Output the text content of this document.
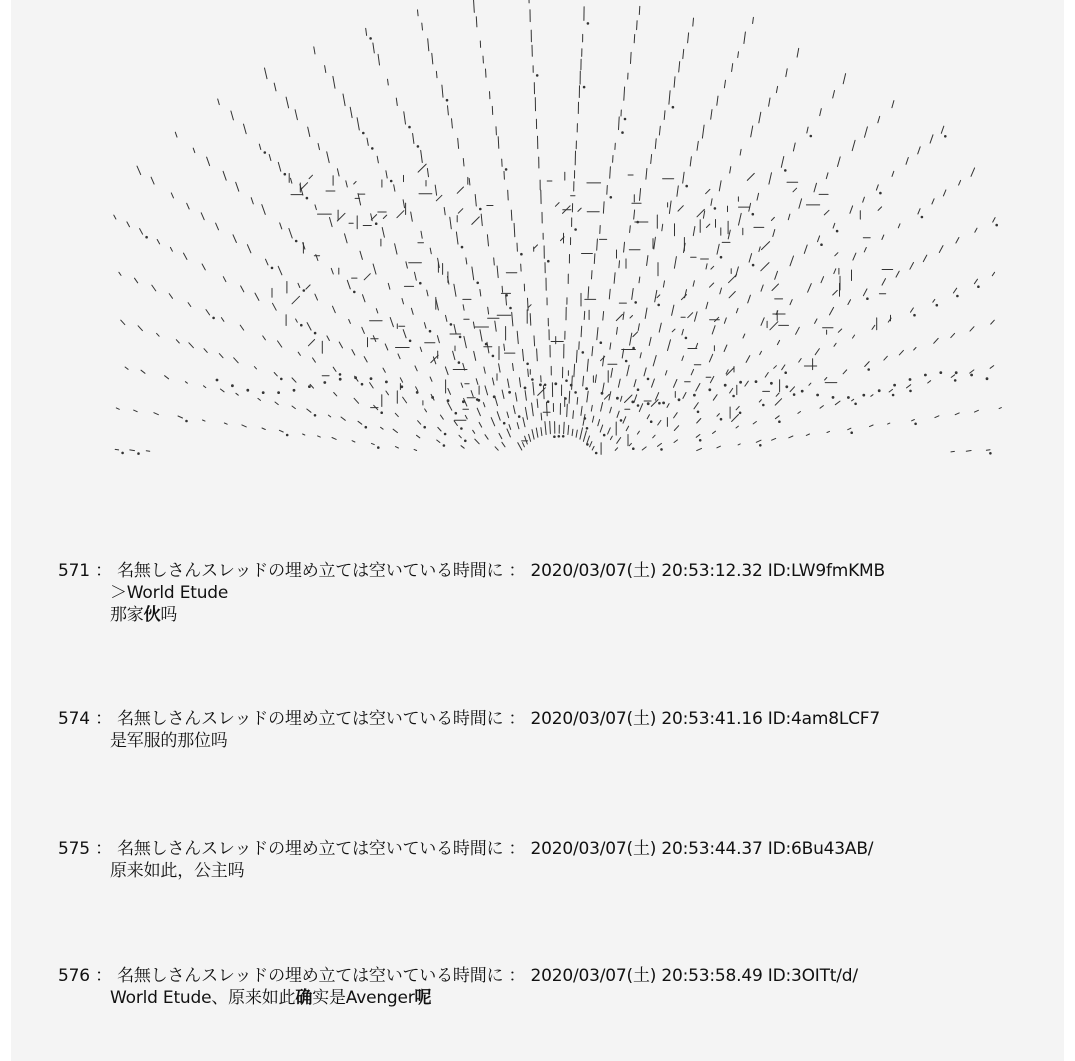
571 ： 名無しさんスレッドの埋め立ては空いている時間に ： 2020/03/07(土) 20:53:12.32 ID:LW9fmKMB
＞World Etude
那家伙吗
574 ： 名無しさんスレッドの埋め立ては空いている時間に ： 2020/03/07(土) 20:53:41.16 ID:4am8LCF7
是军服的那位吗
575 ： 名無しさんスレッドの埋め立ては空いている時間に ： 2020/03/07(土) 20:53:44.37 ID:6Bu43AB/
原来如此，公主吗
576 ： 名無しさんスレッドの埋め立ては空いている時間に ： 2020/03/07(土) 20:53:58.49 ID:3OITt/d/
World Etude、原来如此确实是Avenger呢
